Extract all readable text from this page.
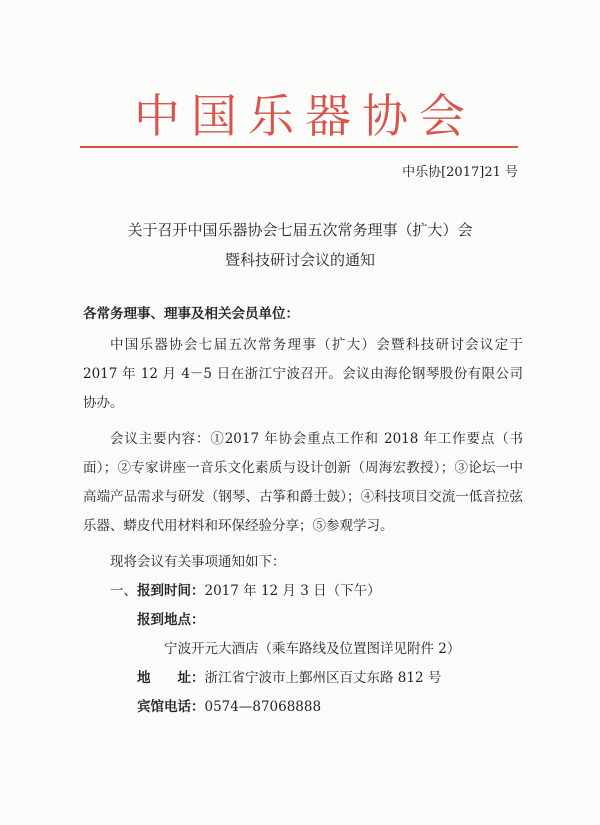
中国乐器协会
中乐协[2017]21 号
关于召开中国乐器协会七届五次常务理事（扩大）会
暨科技研讨会议的通知
各常务理事、理事及相关会员单位：

中国乐器协会七届五次常务理事（扩大）会暨科技研讨会议定于 2017 年 12 月 4－5 日在浙江宁波召开。会议由海伦钢琴股份有限公司协办。

会议主要内容：①2017 年协会重点工作和 2018 年工作要点（书面）；②专家讲座一音乐文化素质与设计创新（周海宏教授）；③论坛一中高端产品需求与研发（钢琴、古筝和爵士鼓）；④科技项目交流一低音拉弦乐器、蟒皮代用材料和环保经验分享；⑤参观学习。

现将会议有关事项通知如下：

一、报到时间：2017 年 12 月 3 日（下午）
报到地点：
宁波开元大酒店（乘车路线及位置图详见附件 2）
地　　址：浙江省宁波市上鄞州区百丈东路 812 号
宾馆电话：0574—87068888
